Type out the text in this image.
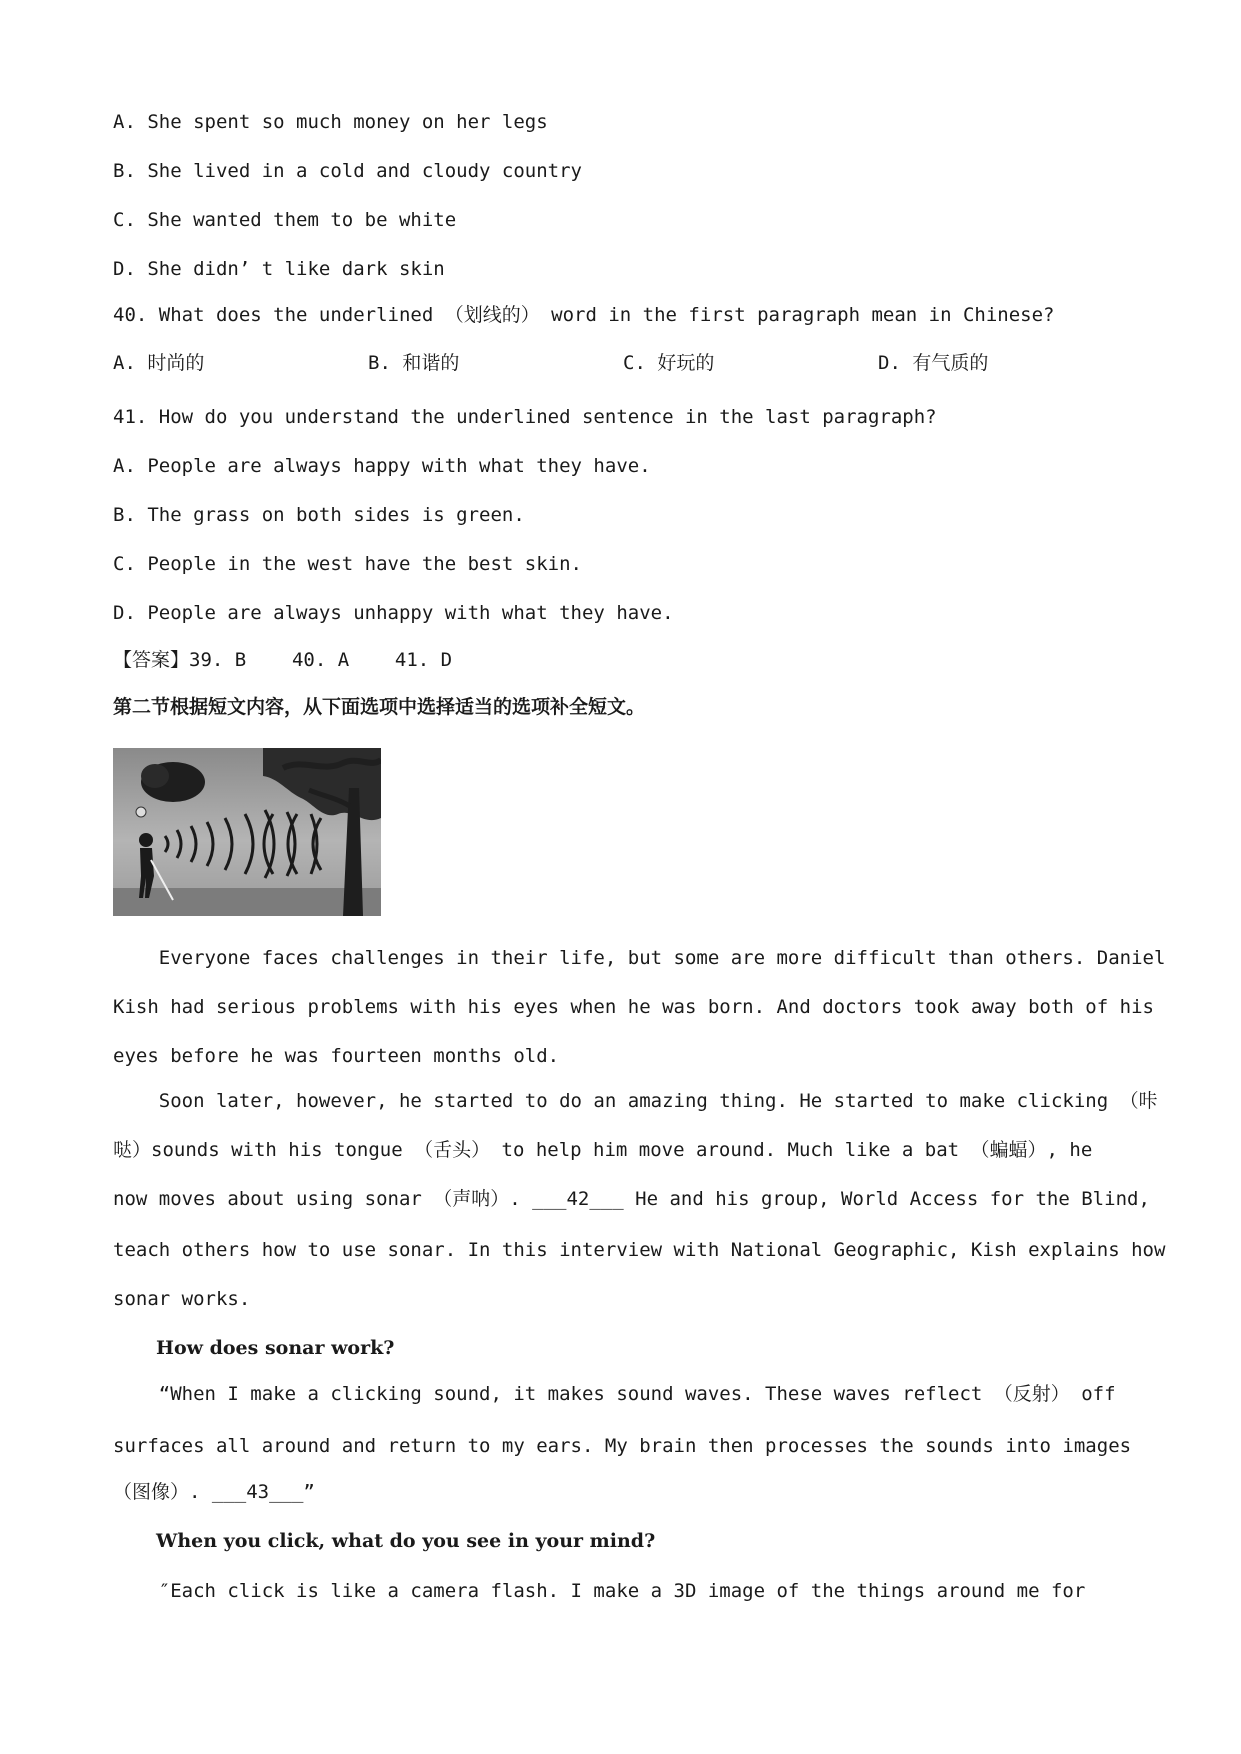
A. She spent so much money on her legs
B. She lived in a cold and cloudy country
C. She wanted them to be white
D. She didn’ t like dark skin
40. What does the underlined （划线的） word in the first paragraph mean in Chinese?
A. 时尚的	B. 和谐的	C. 好玩的	D. 有气质的
41. How do you understand the underlined sentence in the last paragraph?
A. People are always happy with what they have.
B. The grass on both sides is green.
C. People in the west have the best skin.
D. People are always unhappy with what they have.
【答案】39. B    40. A    41. D
第二节根据短文内容，从下面选项中选择适当的选项补全短文。
Everyone faces challenges in their life, but some are more difficult than others. Daniel
Kish had serious problems with his eyes when he was born. And doctors took away both of his
eyes before he was fourteen months old.
Soon later, however, he started to do an amazing thing. He started to make clicking （咔
哒）sounds with his tongue （舌头） to help him move around. Much like a bat （蝙蝠）, he
now moves about using sonar （声呐）. ___42___ He and his group, World Access for the Blind,
teach others how to use sonar. In this interview with National Geographic, Kish explains how
sonar works.
How does sonar work?
“When I make a clicking sound, it makes sound waves. These waves reflect （反射） off
surfaces all around and return to my ears. My brain then processes the sounds into images
（图像）. ___43___”
When you click, what do you see in your mind?
″Each click is like a camera flash. I make a 3D image of the things around me for
